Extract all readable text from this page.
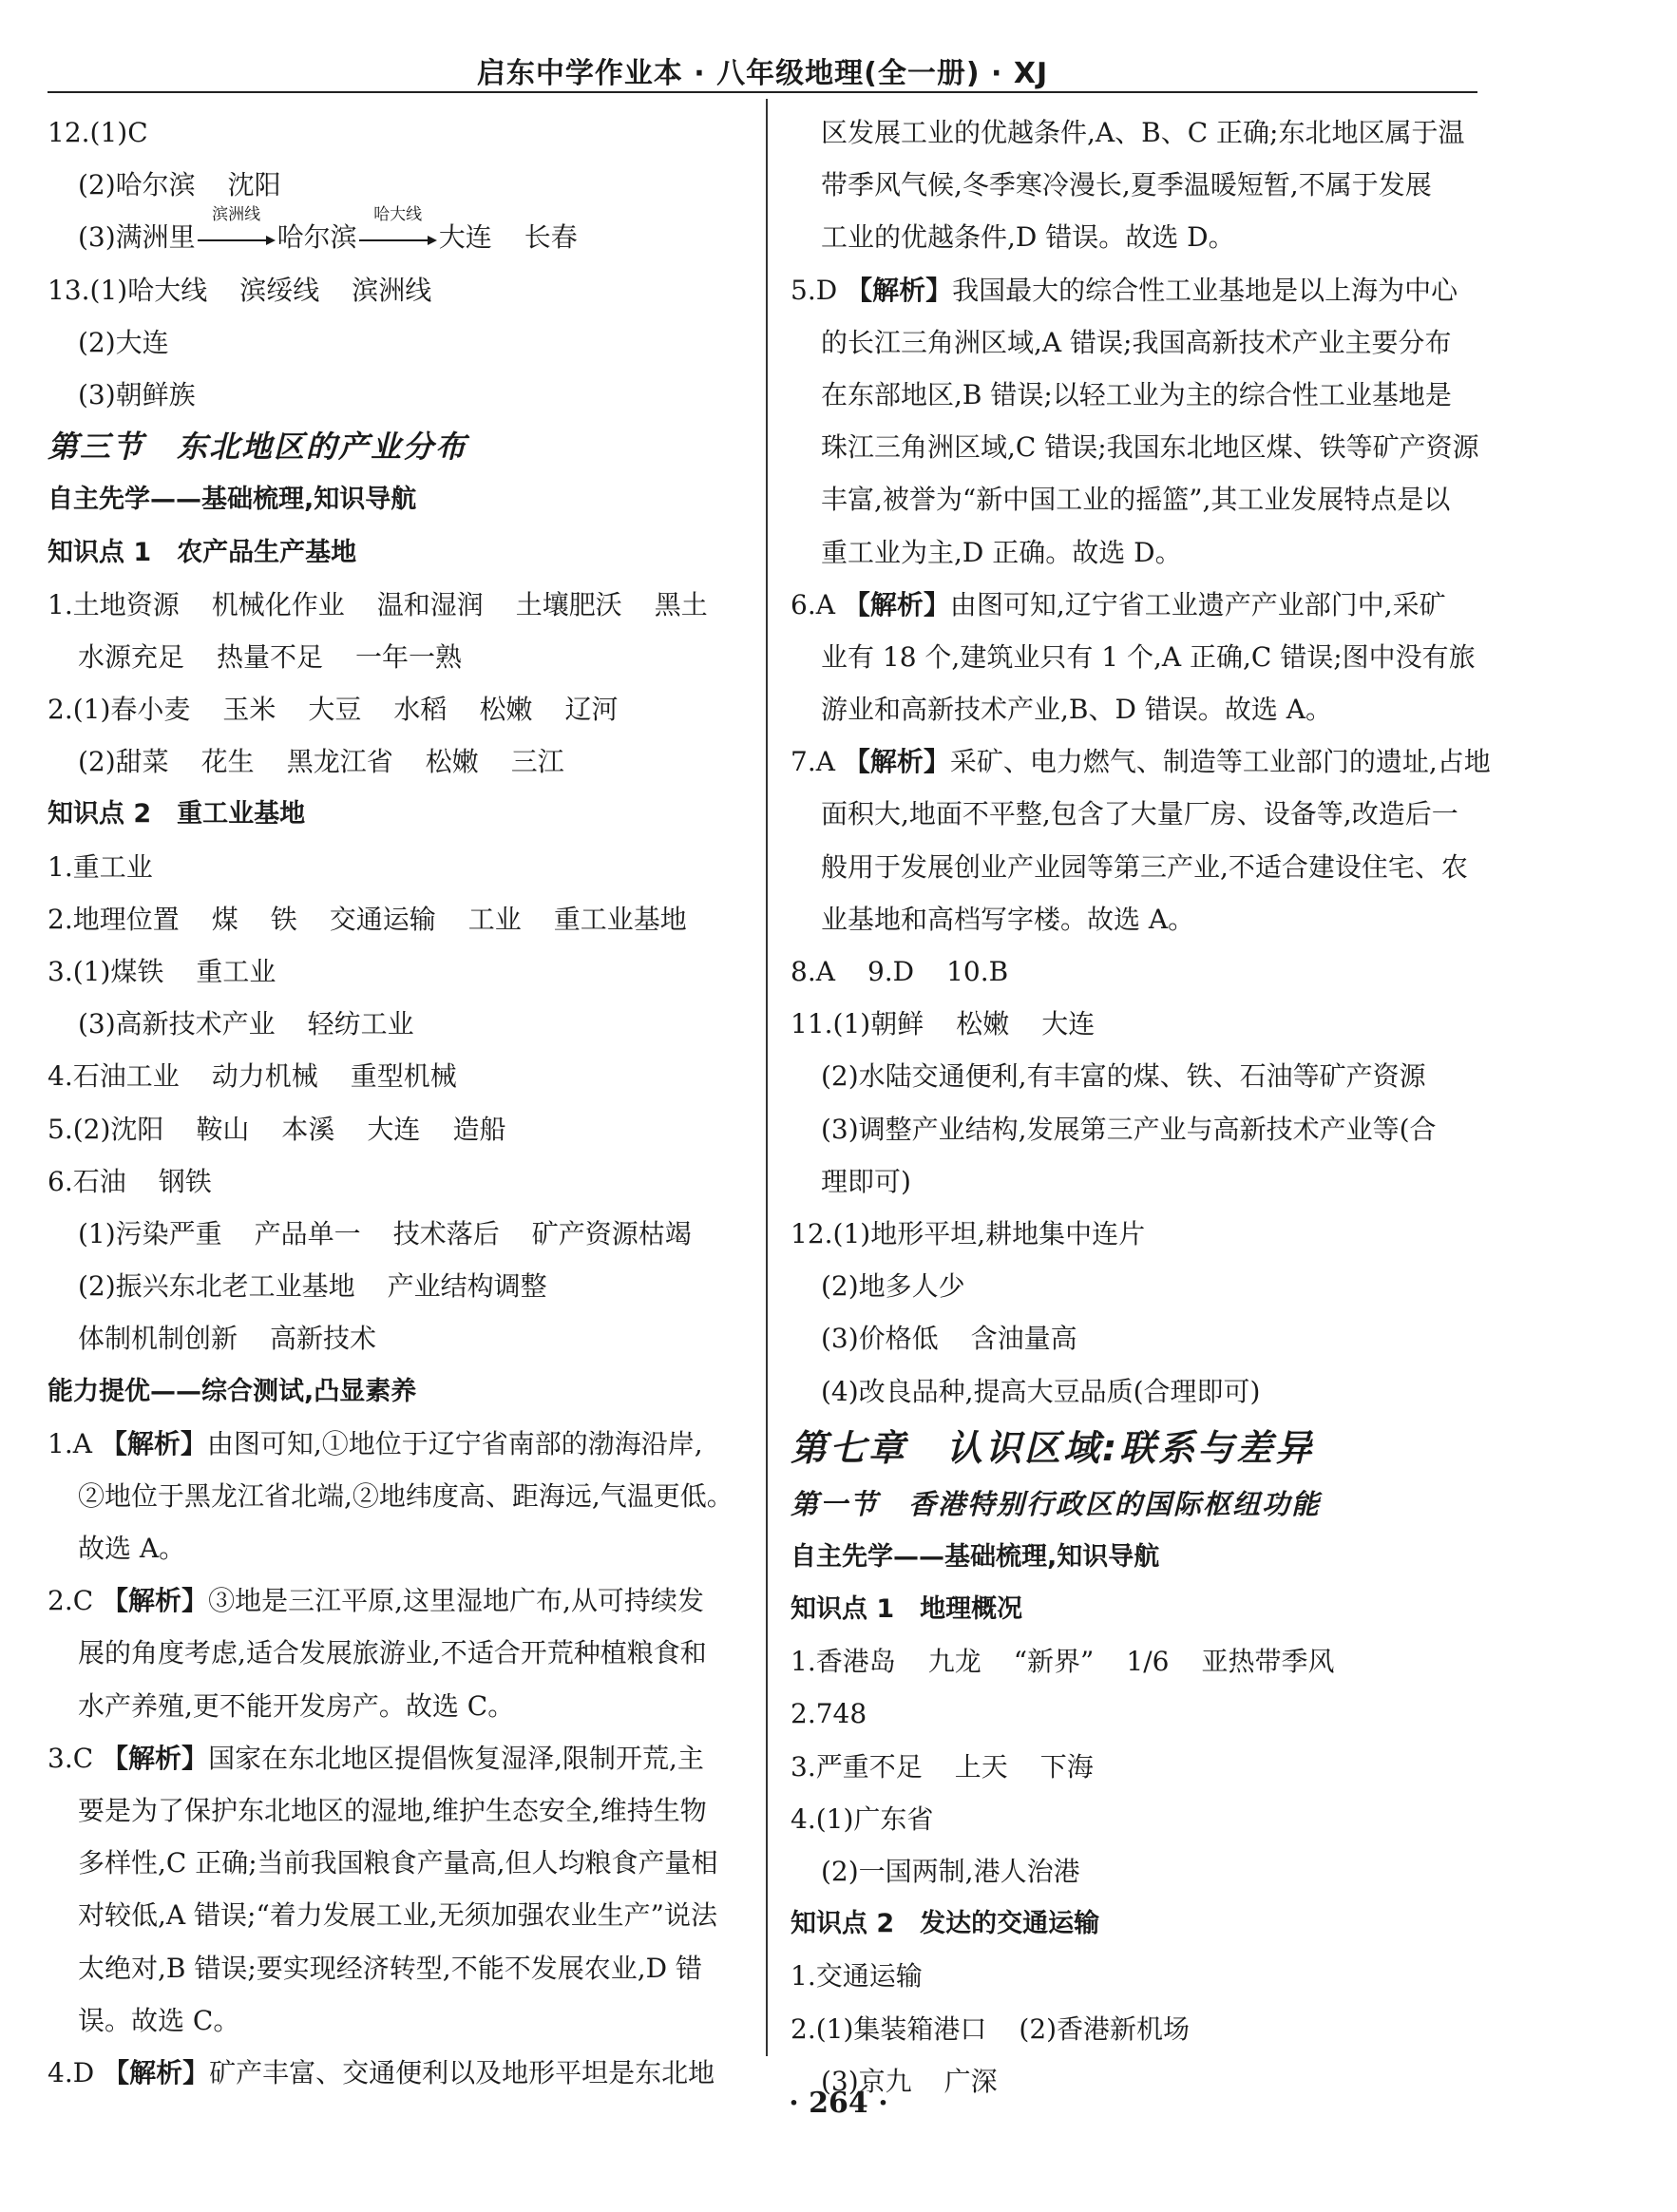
启东中学作业本 · 八年级地理(全一册) · XJ
12.(1)C
(2)哈尔滨 沈阳
(3)满洲里
滨洲线
哈尔滨
哈大线
大连 长春
13.(1)哈大线 滨绥线 滨洲线
(2)大连
(3)朝鲜族
第三节　东北地区的产业分布
自主先学——基础梳理,知识导航
知识点 1　农产品生产基地
1.土地资源 机械化作业 温和湿润 土壤肥沃 黑土
水源充足 热量不足 一年一熟
2.(1)春小麦 玉米 大豆 水稻 松嫩 辽河
(2)甜菜 花生 黑龙江省 松嫩 三江
知识点 2　重工业基地
1.重工业
2.地理位置 煤 铁 交通运输 工业 重工业基地
3.(1)煤铁 重工业
(3)高新技术产业 轻纺工业
4.石油工业 动力机械 重型机械
5.(2)沈阳 鞍山 本溪 大连 造船
6.石油 钢铁
(1)污染严重 产品单一 技术落后 矿产资源枯竭
(2)振兴东北老工业基地 产业结构调整
体制机制创新 高新技术
能力提优——综合测试,凸显素养
1.A 【解析】由图可知,①地位于辽宁省南部的渤海沿岸,
②地位于黑龙江省北端,②地纬度高、距海远,气温更低。
故选 A。
2.C 【解析】③地是三江平原,这里湿地广布,从可持续发
展的角度考虑,适合发展旅游业,不适合开荒种植粮食和
水产养殖,更不能开发房产。故选 C。
3.C 【解析】国家在东北地区提倡恢复湿泽,限制开荒,主
要是为了保护东北地区的湿地,维护生态安全,维持生物
多样性,C 正确;当前我国粮食产量高,但人均粮食产量相
对较低,A 错误;“着力发展工业,无须加强农业生产”说法
太绝对,B 错误;要实现经济转型,不能不发展农业,D 错
误。故选 C。
4.D 【解析】矿产丰富、交通便利以及地形平坦是东北地
区发展工业的优越条件,A、B、C 正确;东北地区属于温
带季风气候,冬季寒冷漫长,夏季温暖短暂,不属于发展
工业的优越条件,D 错误。故选 D。
5.D 【解析】我国最大的综合性工业基地是以上海为中心
的长江三角洲区域,A 错误;我国高新技术产业主要分布
在东部地区,B 错误;以轻工业为主的综合性工业基地是
珠江三角洲区域,C 错误;我国东北地区煤、铁等矿产资源
丰富,被誉为“新中国工业的摇篮”,其工业发展特点是以
重工业为主,D 正确。故选 D。
6.A 【解析】由图可知,辽宁省工业遗产产业部门中,采矿
业有 18 个,建筑业只有 1 个,A 正确,C 错误;图中没有旅
游业和高新技术产业,B、D 错误。故选 A。
7.A 【解析】采矿、电力燃气、制造等工业部门的遗址,占地
面积大,地面不平整,包含了大量厂房、设备等,改造后一
般用于发展创业产业园等第三产业,不适合建设住宅、农
业基地和高档写字楼。故选 A。
8.A 9.D 10.B
11.(1)朝鲜 松嫩 大连
(2)水陆交通便利,有丰富的煤、铁、石油等矿产资源
(3)调整产业结构,发展第三产业与高新技术产业等(合
理即可)
12.(1)地形平坦,耕地集中连片
(2)地多人少
(3)价格低 含油量高
(4)改良品种,提高大豆品质(合理即可)
第七章　认识区域:联系与差异
第一节　香港特别行政区的国际枢纽功能
自主先学——基础梳理,知识导航
知识点 1　地理概况
1.香港岛 九龙 “新界” 1/6 亚热带季风
2.748
3.严重不足 上天 下海
4.(1)广东省
(2)一国两制,港人治港
知识点 2　发达的交通运输
1.交通运输
2.(1)集装箱港口 (2)香港新机场
(3)京九 广深
· 264 ·
